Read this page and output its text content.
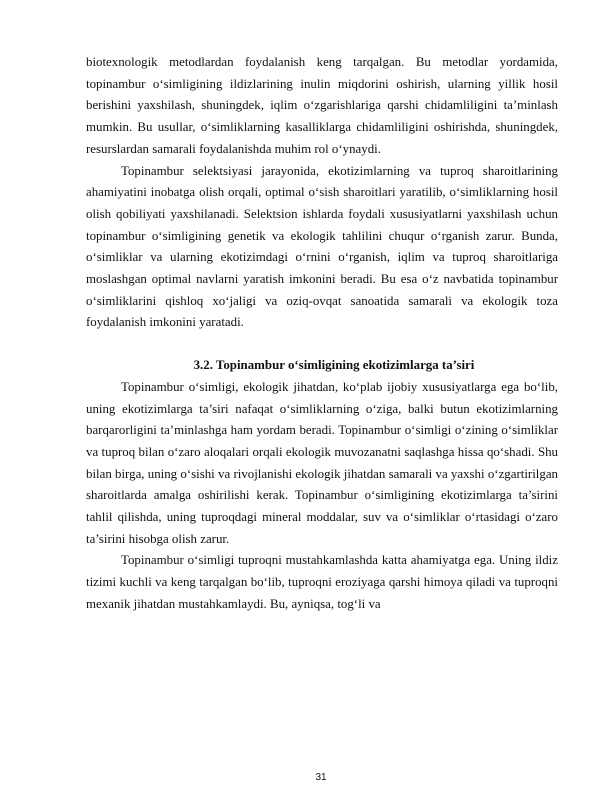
biotexnologik metodlardan foydalanish keng tarqalgan. Bu metodlar yordamida, topinambur o‘simligining ildizlarining inulin miqdorini oshirish, ularning yillik hosil berishini yaxshilash, shuningdek, iqlim o‘zgarishlariga qarshi chidamliligini ta’minlash mumkin. Bu usullar, o‘simliklarning kasalliklarga chidamliligini oshirishda, shuningdek, resurslardan samarali foydalanishda muhim rol o‘ynaydi.

Topinambur selektsiyasi jarayonida, ekotizimlarning va tuproq sharoitlarining ahamiyatini inobatga olish orqali, optimal o‘sish sharoitlari yaratilib, o‘simliklarning hosil olish qobiliyati yaxshilanadi. Selektsion ishlarda foydali xususiyatlarni yaxshilash uchun topinambur o‘simligining genetik va ekologik tahlilini chuqur o‘rganish zarur. Bunda, o‘simliklar va ularning ekotizimdagi o‘rnini o‘rganish, iqlim va tuproq sharoitlariga moslashgan optimal navlarni yaratish imkonini beradi. Bu esa o‘z navbatida topinambur o‘simliklarini qishloq xo‘jaligi va oziq-ovqat sanoatida samarali va ekologik toza foydalanish imkonini yaratadi.

3.2. Topinambur o‘simligining ekotizimlarga ta’siri

Topinambur o‘simligi, ekologik jihatdan, ko‘plab ijobiy xususiyatlarga ega bo‘lib, uning ekotizimlarga ta’siri nafaqat o‘simliklarning o‘ziga, balki butun ekotizimlarning barqarorligini ta’minlashga ham yordam beradi. Topinambur o‘simligi o‘zining o‘simliklar va tuproq bilan o‘zaro aloqalari orqali ekologik muvozanatni saqlashga hissa qo‘shadi. Shu bilan birga, uning o‘sishi va rivojlanishi ekologik jihatdan samarali va yaxshi o‘zgartirilgan sharoitlarda amalga oshirilishi kerak. Topinambur o‘simligining ekotizimlarga ta’sirini tahlil qilishda, uning tuproqdagi mineral moddalar, suv va o‘simliklar o‘rtasidagi o‘zaro ta’sirini hisobga olish zarur.

Topinambur o‘simligi tuproqni mustahkamlashda katta ahamiyatga ega. Uning ildiz tizimi kuchli va keng tarqalgan bo‘lib, tuproqni eroziyaga qarshi himoya qiladi va tuproqni mexanik jihatdan mustahkamlaydi. Bu, ayniqsa, tog‘li va

31
